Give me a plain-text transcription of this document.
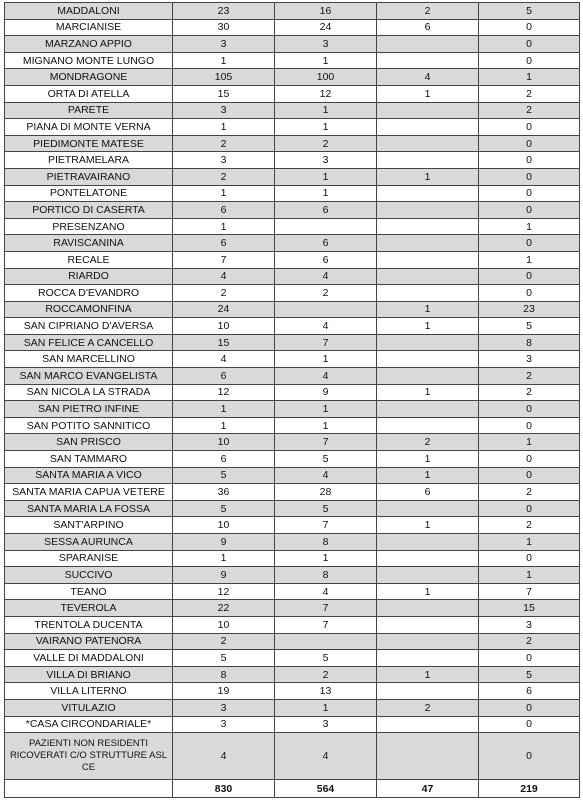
MADDALONI	23	16	2	5
MARCIANISE	30	24	6	0
MARZANO APPIO	3	3		0
MIGNANO MONTE LUNGO	1	1		0
MONDRAGONE	105	100	4	1
ORTA DI ATELLA	15	12	1	2
PARETE	3	1		2
PIANA DI MONTE VERNA	1	1		0
PIEDIMONTE MATESE	2	2		0
PIETRAMELARA	3	3		0
PIETRAVAIRANO	2	1	1	0
PONTELATONE	1	1		0
PORTICO DI CASERTA	6	6		0
PRESENZANO	1			1
RAVISCANINA	6	6		0
RECALE	7	6		1
RIARDO	4	4		0
ROCCA D'EVANDRO	2	2		0
ROCCAMONFINA	24		1	23
SAN CIPRIANO D'AVERSA	10	4	1	5
SAN FELICE A CANCELLO	15	7		8
SAN MARCELLINO	4	1		3
SAN MARCO EVANGELISTA	6	4		2
SAN NICOLA LA STRADA	12	9	1	2
SAN PIETRO INFINE	1	1		0
SAN POTITO SANNITICO	1	1		0
SAN PRISCO	10	7	2	1
SAN TAMMARO	6	5	1	0
SANTA MARIA A VICO	5	4	1	0
SANTA MARIA CAPUA VETERE	36	28	6	2
SANTA MARIA LA FOSSA	5	5		0
SANT'ARPINO	10	7	1	2
SESSA AURUNCA	9	8		1
SPARANISE	1	1		0
SUCCIVO	9	8		1
TEANO	12	4	1	7
TEVEROLA	22	7		15
TRENTOLA DUCENTA	10	7		3
VAIRANO PATENORA	2			2
VALLE DI MADDALONI	5	5		0
VILLA DI BRIANO	8	2	1	5
VILLA LITERNO	19	13		6
VITULAZIO	3	1	2	0
*CASA CIRCONDARIALE*	3	3		0
PAZIENTI NON RESIDENTI RICOVERATI C/O STRUTTURE ASL CE	4	4		0
	830	564	47	219
